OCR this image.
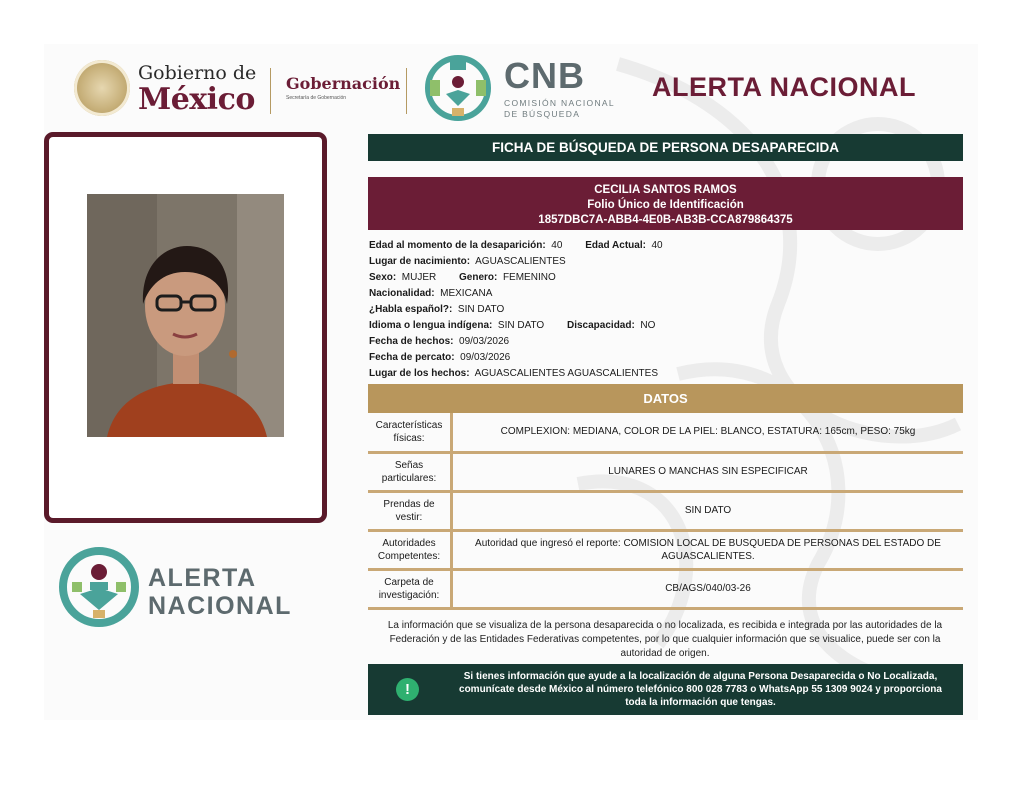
Gobierno de
México Gobernación
Secretaría de Gobernación
CNB
COMISIÓN NACIONAL
DE BÚSQUEDA
ALERTA NACIONAL
ALERTA
NACIONAL
FICHA DE BÚSQUEDA DE PERSONA DESAPARECIDA
CECILIA SANTOS RAMOS
Folio Único de Identificación
1857DBC7A-ABB4-4E0B-AB3B-CCA879864375
Edad al momento de la desaparición: 40 Edad Actual: 40
Lugar de nacimiento: AGUASCALIENTES
Sexo: MUJER Genero: FEMENINO
Nacionalidad: MEXICANA
¿Habla español?: SIN DATO
Idioma o lengua indígena: SIN DATO Discapacidad: NO
Fecha de hechos: 09/03/2026
Fecha de percato: 09/03/2026
Lugar de los hechos: AGUASCALIENTES AGUASCALIENTES
DATOS
Características físicas:	COMPLEXION: MEDIANA, COLOR DE LA PIEL: BLANCO, ESTATURA: 165cm, PESO: 75kg
Señas particulares:	LUNARES O MANCHAS SIN ESPECIFICAR
Prendas de vestir:	SIN DATO
Autoridades Competentes:	Autoridad que ingresó el reporte: COMISION LOCAL DE BUSQUEDA DE PERSONAS DEL ESTADO DE AGUASCALIENTES.
Carpeta de investigación:	CB/AGS/040/03-26
La información que se visualiza de la persona desaparecida o no localizada, es recibida e integrada por las autoridades de la Federación y de las Entidades Federativas competentes, por lo que cualquier información que se visualice, puede ser con la autoridad de origen.
!
Si tienes información que ayude a la localización de alguna Persona Desaparecida o No Localizada, comunícate desde México al número telefónico 800 028 7783 o WhatsApp 55 1309 9024 y proporciona toda la información que tengas.
